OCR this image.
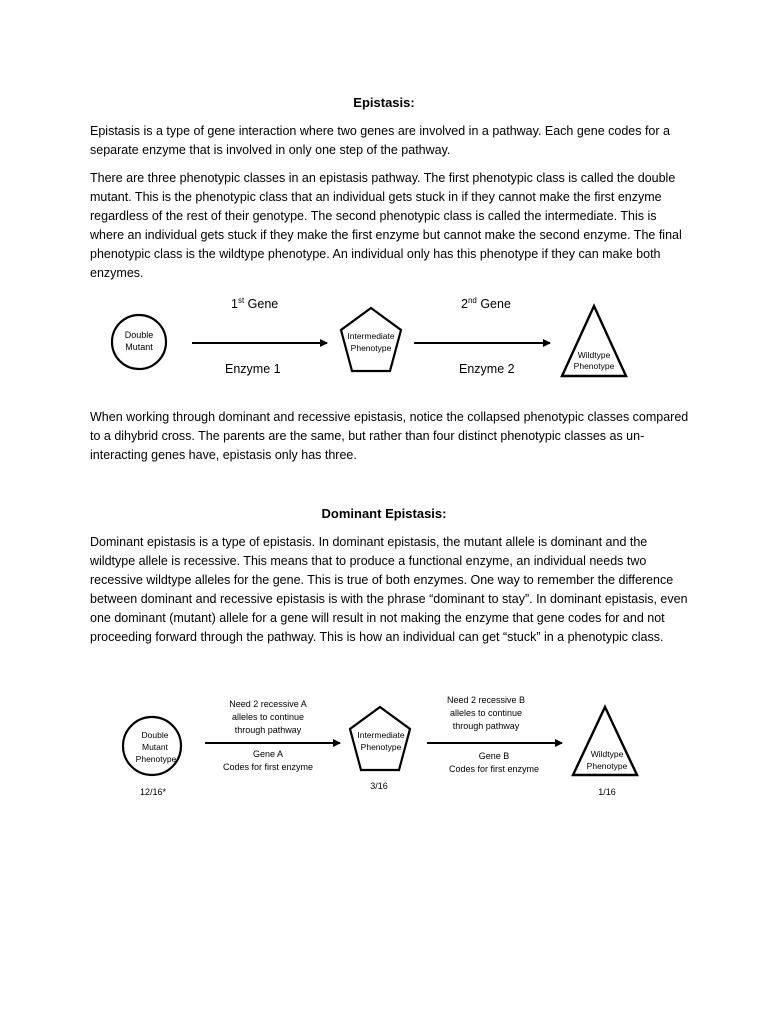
Epistasis:

Epistasis is a type of gene interaction where two genes are involved in a pathway. Each gene codes for a separate enzyme that is involved in only one step of the pathway.

There are three phenotypic classes in an epistasis pathway. The first phenotypic class is called the double mutant. This is the phenotypic class that an individual gets stuck in if they cannot make the first enzyme regardless of the rest of their genotype. The second phenotypic class is called the intermediate. This is where an individual gets stuck if they make the first enzyme but cannot make the second enzyme. The final phenotypic class is the wildtype phenotype. An individual only has this phenotype if they can make both enzymes.

1st Gene	2nd Gene
Enzyme 1	Enzyme 2
Double
Mutant
Intermediate
Phenotype
Wildtype
Phenotype
Double
Mutant
Phenotype
Intermediate
Phenotype
Wildtype
Phenotype

When working through dominant and recessive epistasis, notice the collapsed phenotypic classes compared to a dihybrid cross. The parents are the same, but rather than four distinct phenotypic classes as un-interacting genes have, epistasis only has three.

Dominant Epistasis:

Dominant epistasis is a type of epistasis. In dominant epistasis, the mutant allele is dominant and the wildtype allele is recessive. This means that to produce a functional enzyme, an individual needs two recessive wildtype alleles for the gene. This is true of both enzymes. One way to remember the difference between dominant and recessive epistasis is with the phrase “dominant to stay”. In dominant epistasis, even one dominant (mutant) allele for a gene will result in not making the enzyme that gene codes for and not proceeding forward through the pathway. This is how an individual can get “stuck” in a phenotypic class.

Need 2 recessive A
alleles to continue
through pathway
Gene A
Codes for first enzyme
Need 2 recessive B
alleles to continue
through pathway
Gene B
Codes for first enzyme
12/16*
3/16
1/16
